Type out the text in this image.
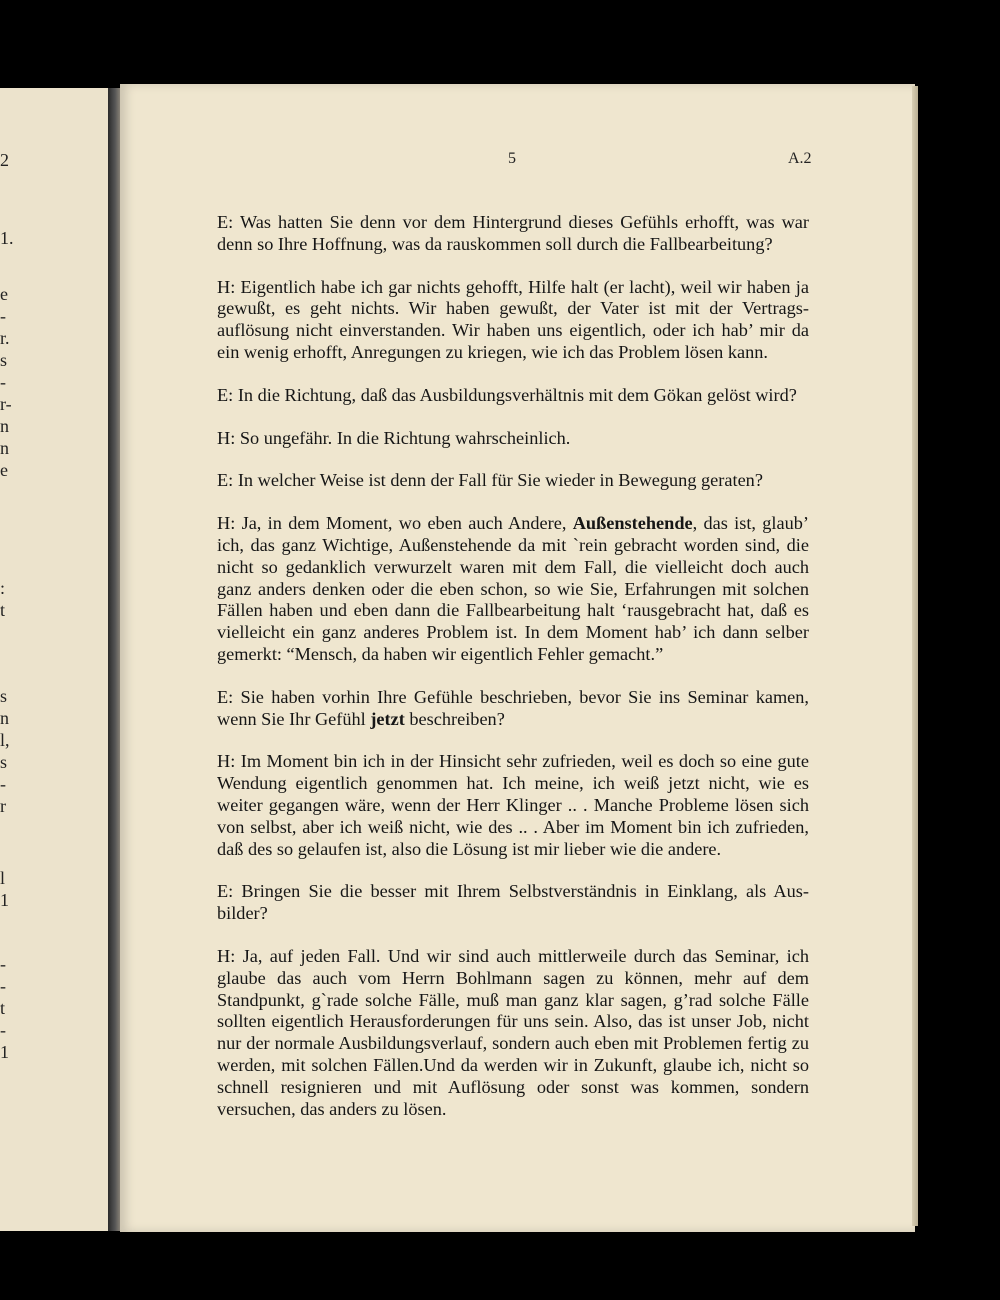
2
1.
e
-
r.
s
-
r-
n
n
e
:
t
s
n
l,
s
-
r
l
1
-
-
t
-
1
5	A.2

E: Was hatten Sie denn vor dem Hintergrund dieses Gefühls erhofft, was war denn so Ihre Hoffnung, was da rauskommen soll durch die Fallbearbeitung?

H: Eigentlich habe ich gar nichts gehofft, Hilfe halt (er lacht), weil wir haben ja gewußt, es geht nichts. Wir haben gewußt, der Vater ist mit der Vertragsauflösung nicht einverstanden. Wir haben uns eigentlich, oder ich hab’ mir da ein wenig erhofft, Anregungen zu kriegen, wie ich das Problem lösen kann.

E: In die Richtung, daß das Ausbildungsverhältnis mit dem Gökan gelöst wird?

H: So ungefähr. In die Richtung wahrscheinlich.

E: In welcher Weise ist denn der Fall für Sie wieder in Bewegung geraten?

H: Ja, in dem Moment, wo eben auch Andere, Außenstehende, das ist, glaub’ ich, das ganz Wichtige, Außenstehende da mit `rein gebracht worden sind, die nicht so gedanklich verwurzelt waren mit dem Fall, die vielleicht doch auch ganz anders denken oder die eben schon, so wie Sie, Erfahrungen mit solchen Fällen haben und eben dann die Fallbearbeitung halt ‘rausgebracht hat, daß es vielleicht ein ganz anderes Problem ist. In dem Moment hab’ ich dann selber gemerkt: “Mensch, da haben wir eigentlich Fehler gemacht.”

E: Sie haben vorhin Ihre Gefühle beschrieben, bevor Sie ins Seminar kamen, wenn Sie Ihr Gefühl jetzt beschreiben?

H: Im Moment bin ich in der Hinsicht sehr zufrieden, weil es doch so eine gute Wendung eigentlich genommen hat. Ich meine, ich weiß jetzt nicht, wie es weiter gegangen wäre, wenn der Herr Klinger .. . Manche Probleme lösen sich von selbst, aber ich weiß nicht, wie des .. . Aber im Moment bin ich zufrieden, daß des so gelaufen ist, also die Lösung ist mir lieber wie die andere.

E: Bringen Sie die besser mit Ihrem Selbstverständnis in Einklang, als Ausbilder?

H: Ja, auf jeden Fall. Und wir sind auch mittlerweile durch das Seminar, ich glaube das auch vom Herrn Bohlmann sagen zu können, mehr auf dem Standpunkt, g`rade solche Fälle, muß man ganz klar sagen, g’rad solche Fälle sollten eigentlich Herausforderungen für uns sein. Also, das ist unser Job, nicht nur der normale Ausbildungsverlauf, sondern auch eben mit Problemen fertig zu werden, mit solchen Fällen.Und da werden wir in Zukunft, glaube ich, nicht so schnell resignieren und mit Auflösung oder sonst was kommen, sondern versuchen, das anders zu lösen.
